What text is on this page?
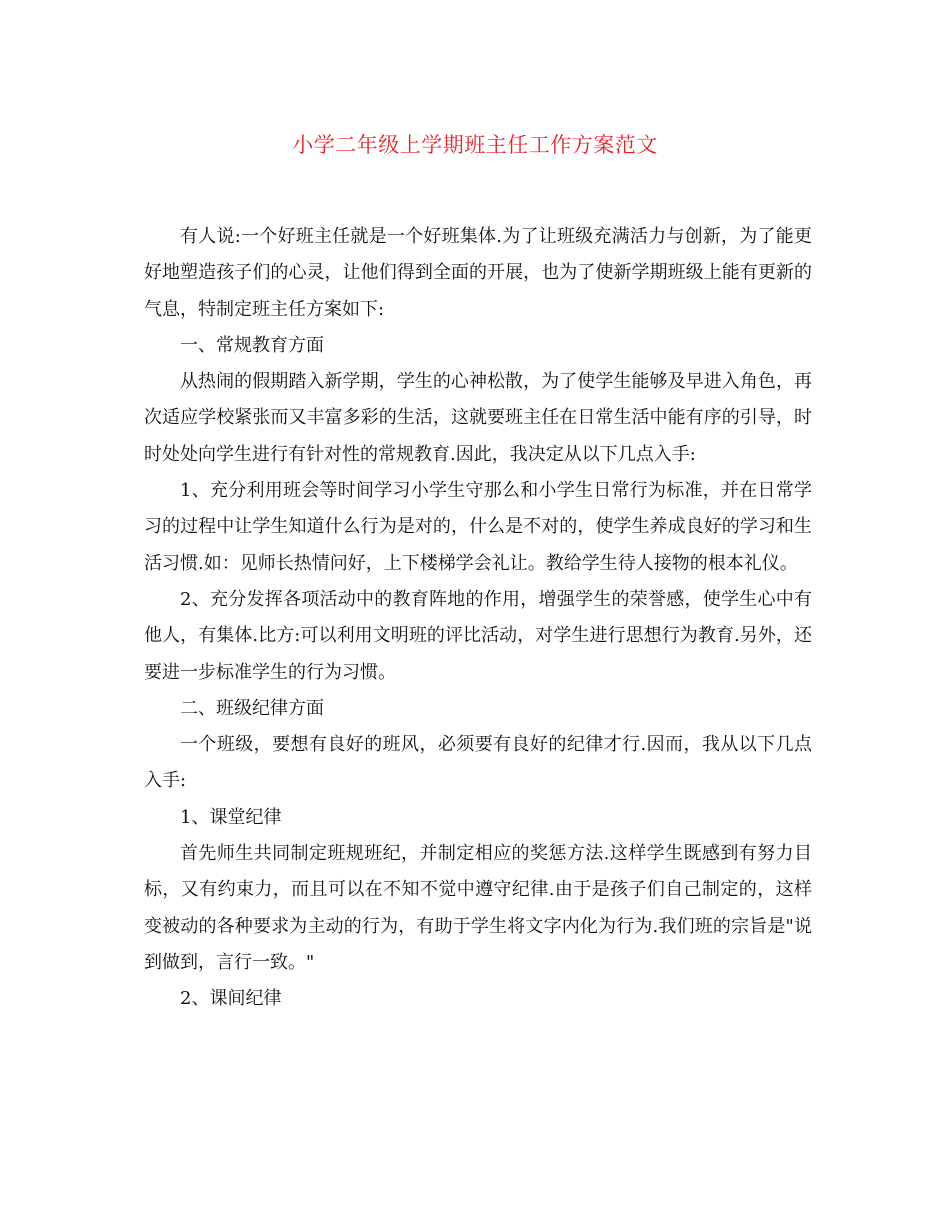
小学二年级上学期班主任工作方案范文

有人说:一个好班主任就是一个好班集体.为了让班级充满活力与创新，为了能更好地塑造孩子们的心灵，让他们得到全面的开展，也为了使新学期班级上能有更新的气息，特制定班主任方案如下:

一、常规教育方面

从热闹的假期踏入新学期，学生的心神松散，为了使学生能够及早进入角色，再次适应学校紧张而又丰富多彩的生活，这就要班主任在日常生活中能有序的引导，时时处处向学生进行有针对性的常规教育.因此，我决定从以下几点入手:

1、充分利用班会等时间学习小学生守那么和小学生日常行为标准，并在日常学习的过程中让学生知道什么行为是对的，什么是不对的，使学生养成良好的学习和生活习惯.如：见师长热情问好，上下楼梯学会礼让。教给学生待人接物的根本礼仪。

2、充分发挥各项活动中的教育阵地的作用，增强学生的荣誉感，使学生心中有他人，有集体.比方:可以利用文明班的评比活动，对学生进行思想行为教育.另外，还要进一步标准学生的行为习惯。

二、班级纪律方面

一个班级，要想有良好的班风，必须要有良好的纪律才行.因而，我从以下几点入手:

1、课堂纪律

首先师生共同制定班规班纪，并制定相应的奖惩方法.这样学生既感到有努力目标，又有约束力，而且可以在不知不觉中遵守纪律.由于是孩子们自己制定的，这样变被动的各种要求为主动的行为，有助于学生将文字内化为行为.我们班的宗旨是"说到做到，言行一致。"

2、课间纪律
